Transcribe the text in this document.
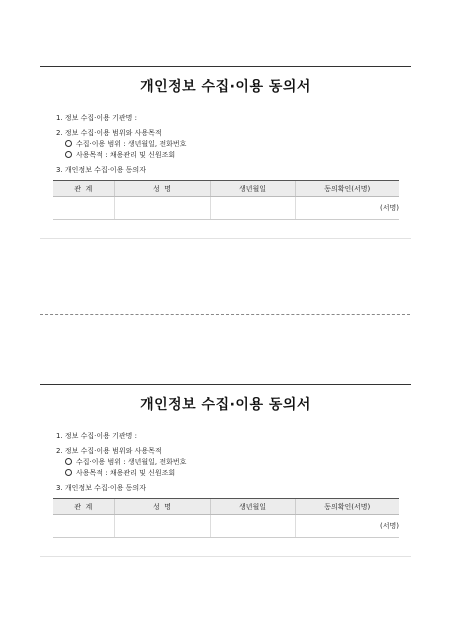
개인정보 수집·이용 동의서
1. 정보 수집·이용 기관명 :
2. 정보 수집·이용 범위와 사용목적
수집·이용 범위 : 생년월일, 전화번호
사용목적 : 채용관리 및 신원조회
3. 개인정보 수집·이용 동의자
관  계	성  명	생년월일	동의확인(서명)
			(서명)
개인정보 수집·이용 동의서
1. 정보 수집·이용 기관명 :
2. 정보 수집·이용 범위와 사용목적
수집·이용 범위 : 생년월일, 전화번호
사용목적 : 채용관리 및 신원조회
3. 개인정보 수집·이용 동의자
관  계	성  명	생년월일	동의확인(서명)
			(서명)
